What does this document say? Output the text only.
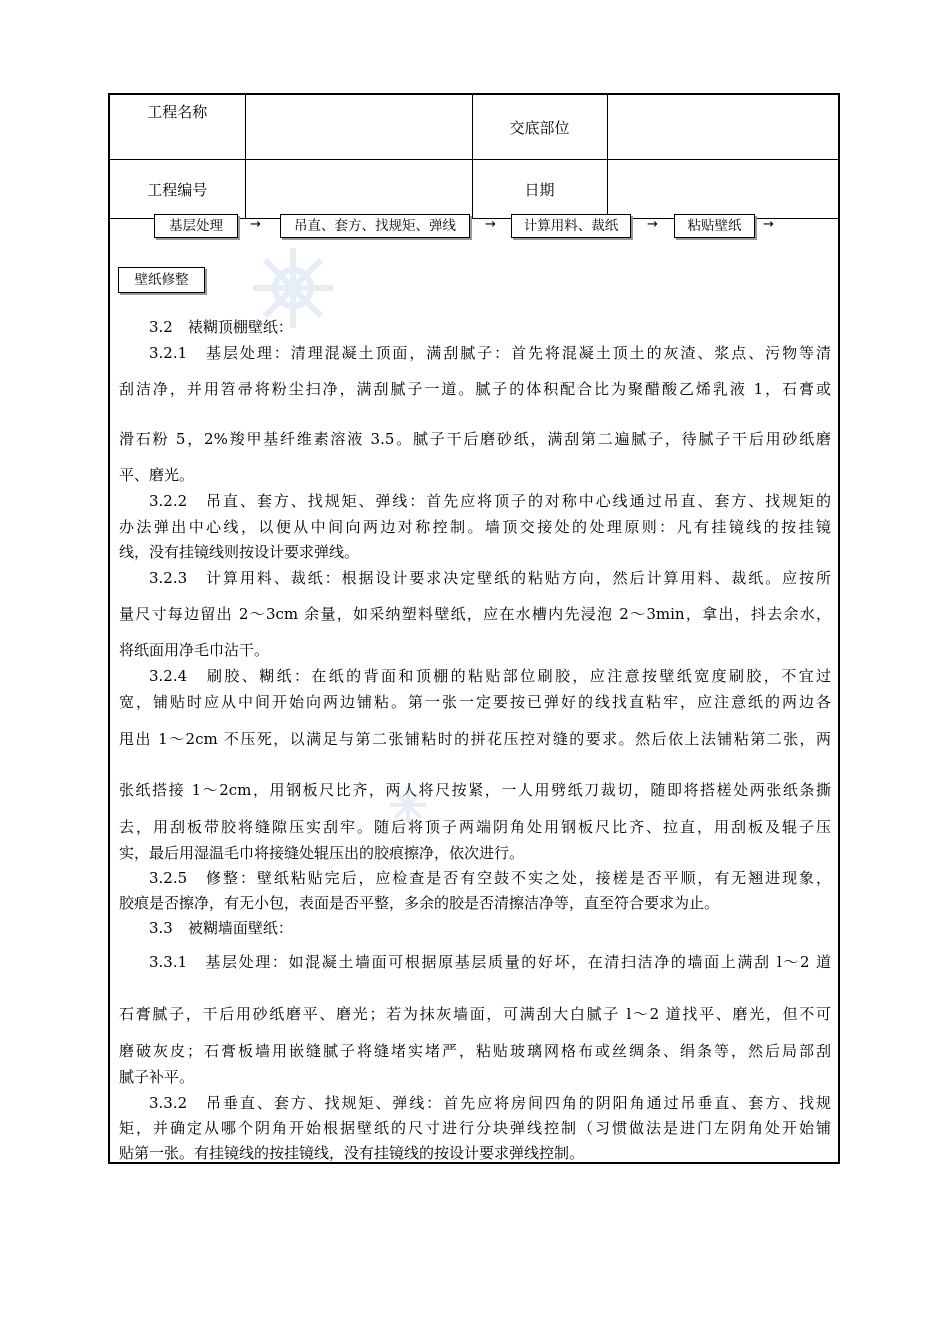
工程名称		交底部位	
工程编号		日期	
基层处理	→	吊直、套方、找规矩、弹线	→	计算用料、裁纸	→	粘贴壁纸	→
壁纸修整
3.2　裱糊顶棚壁纸：
3.2.1　基层处理：清理混凝土顶面，满刮腻子：首先将混凝土顶土的灰渣、浆点、污物等清
刮洁净，并用笤帚将粉尘扫净，满刮腻子一道。腻子的体积配合比为聚醋酸乙烯乳液 1，石膏或
滑石粉 5，2%羧甲基纤维素溶液 3.5。腻子干后磨砂纸，满刮第二遍腻子，待腻子干后用砂纸磨
平、磨光。
3.2.2　吊直、套方、找规矩、弹线：首先应将顶子的对称中心线通过吊直、套方、找规矩的
办法弹出中心线，以便从中间向两边对称控制。墙顶交接处的处理原则：凡有挂镜线的按挂镜
线，没有挂镜线则按设计要求弹线。
3.2.3　计算用料、裁纸：根据设计要求决定壁纸的粘贴方向，然后计算用料、裁纸。应按所
量尺寸每边留出 2～3cm 余量，如采纳塑料壁纸，应在水槽内先浸泡 2～3min，拿出，抖去余水，
将纸面用净毛巾沾干。
3.2.4　刷胶、糊纸：在纸的背面和顶棚的粘贴部位刷胶，应注意按壁纸宽度刷胶，不宜过
宽，铺贴时应从中间开始向两边铺粘。第一张一定要按已弹好的线找直粘牢，应注意纸的两边各
甩出 1～2cm 不压死，以满足与第二张铺粘时的拼花压控对缝的要求。然后依上法铺粘第二张，两
张纸搭接 1～2cm，用钢板尺比齐，两人将尺按紧，一人用劈纸刀裁切，随即将搭槎处两张纸条撕
去，用刮板带胶将缝隙压实刮牢。随后将顶子两端阴角处用钢板尺比齐、拉直，用刮板及辊子压
实，最后用湿温毛巾将接缝处辊压出的胶痕擦净，依次进行。
3.2.5　修整：壁纸粘贴完后，应检查是否有空鼓不实之处，接槎是否平顺，有无翘进现象，
胶痕是否擦净，有无小包，表面是否平整，多余的胶是否清擦洁净等，直至符合要求为止。
3.3　被糊墙面壁纸：
3.3.1　基层处理：如混凝土墙面可根据原基层质量的好坏，在清扫洁净的墙面上满刮 l～2 道
石膏腻子，干后用砂纸磨平、磨光；若为抹灰墙面，可满刮大白腻子 l～2 道找平、磨光，但不可
磨破灰皮；石膏板墙用嵌缝腻子将缝堵实堵严，粘贴玻璃网格布或丝绸条、绢条等，然后局部刮
腻子补平。
3.3.2　吊垂直、套方、找规矩、弹线：首先应将房间四角的阴阳角通过吊垂直、套方、找规
矩，并确定从哪个阴角开始根据壁纸的尺寸进行分块弹线控制（习惯做法是进门左阴角处开始铺
贴第一张。有挂镜线的按挂镜线，没有挂镜线的按设计要求弹线控制。
